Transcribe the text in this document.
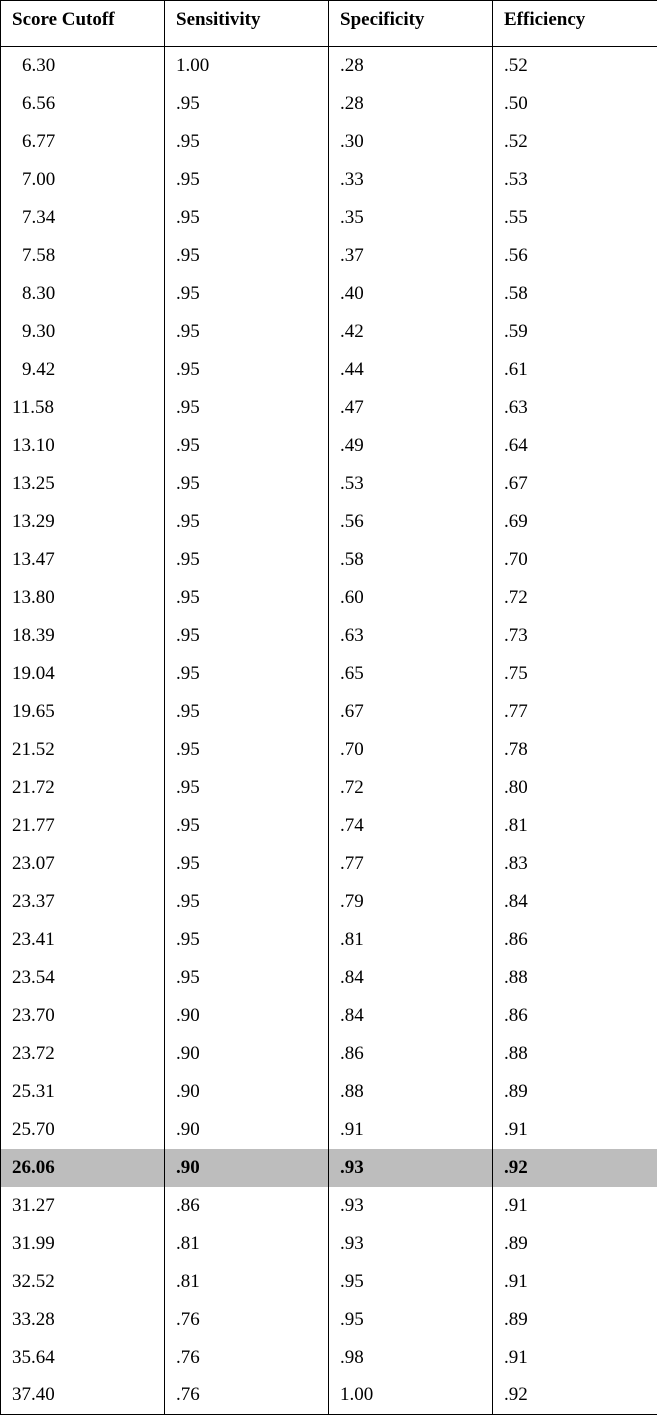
Score Cutoff	Sensitivity	Specificity	Efficiency
6.30	1.00	.28	.52
6.56	.95	.28	.50
6.77	.95	.30	.52
7.00	.95	.33	.53
7.34	.95	.35	.55
7.58	.95	.37	.56
8.30	.95	.40	.58
9.30	.95	.42	.59
9.42	.95	.44	.61
11.58	.95	.47	.63
13.10	.95	.49	.64
13.25	.95	.53	.67
13.29	.95	.56	.69
13.47	.95	.58	.70
13.80	.95	.60	.72
18.39	.95	.63	.73
19.04	.95	.65	.75
19.65	.95	.67	.77
21.52	.95	.70	.78
21.72	.95	.72	.80
21.77	.95	.74	.81
23.07	.95	.77	.83
23.37	.95	.79	.84
23.41	.95	.81	.86
23.54	.95	.84	.88
23.70	.90	.84	.86
23.72	.90	.86	.88
25.31	.90	.88	.89
25.70	.90	.91	.91
26.06	.90	.93	.92
31.27	.86	.93	.91
31.99	.81	.93	.89
32.52	.81	.95	.91
33.28	.76	.95	.89
35.64	.76	.98	.91
37.40	.76	1.00	.92
